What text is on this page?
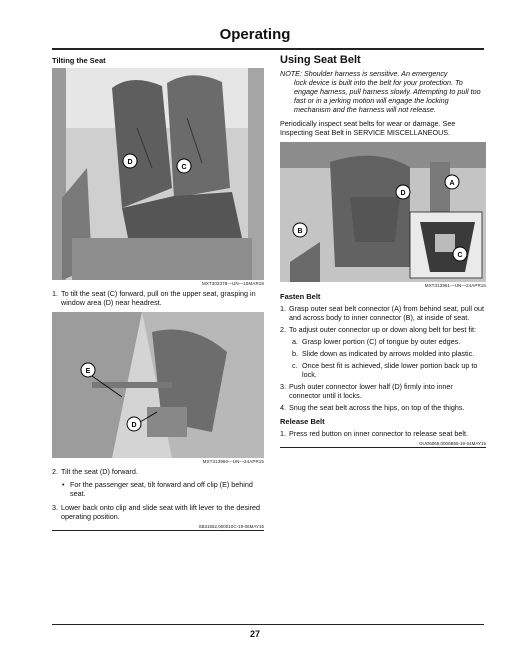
Operating
Tilting the Seat
D
C
MXT302378—UN—15MAR18
1. To tilt the seat (C) forward, pull on the upper seat, grasping in window area (D) near headrest.
E
D
MXT313960—UN—24APR15
2. Tilt the seat (D) forward.
• For the passenger seat, tilt forward and off clip (E) behind seat.
3. Lower back onto clip and slide seat with lift lever to the desired operating position.
SB31552,000010C-19-06MAY15
Using Seat Belt
NOTE: Shoulder harness is sensitive. An emergency
lock device is built into the belt for your protection. To engage harness, pull harness slowly. Attempting to pull too fast or in a jerking motion will engage the locking mechanism and the harness will not release.
Periodically inspect seat belts for wear or damage. See Inspecting Seat Belt in SERVICE MISCELLANEOUS.
A
D
B
C
MXT313961—UN—24APR15
Fasten Belt
1. Grasp outer seat belt connector (A) from behind seat, pull out and across body to inner connector (B), at inside of seat.
2. To adjust outer connector up or down along belt for best fit:
a. Grasp lower portion (C) of tongue by outer edges.
b. Slide down as indicated by arrows molded into plastic.
c. Once best fit is achieved, slide lower portion back up to lock.
3. Push outer connector lower half (D) firmly into inner connector until it locks.
4. Snug the seat belt across the hips, on top of the thighs.
Release Belt
1. Press red button on inner connector to release seat belt.
OUO6066,0000B55-19-04MAY15
27
